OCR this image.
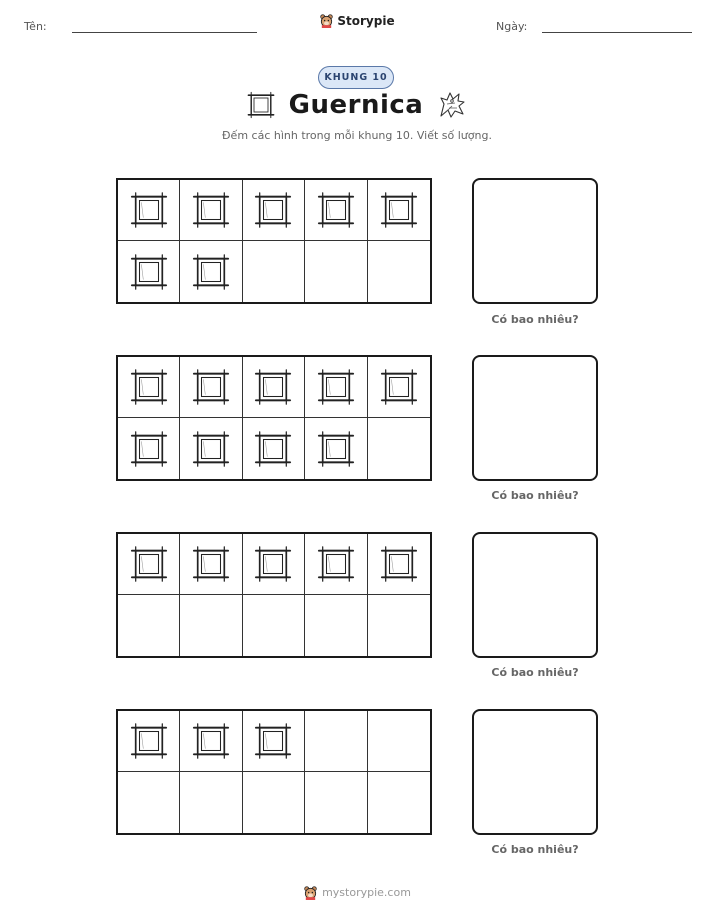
Tên:	Storypie	Ngày:
KHUNG 10
Guernica
Đếm các hình trong mỗi khung 10. Viết số lượng.
Có bao nhiêu?
Có bao nhiêu?
Có bao nhiêu?
Có bao nhiêu?
mystorypie.com
